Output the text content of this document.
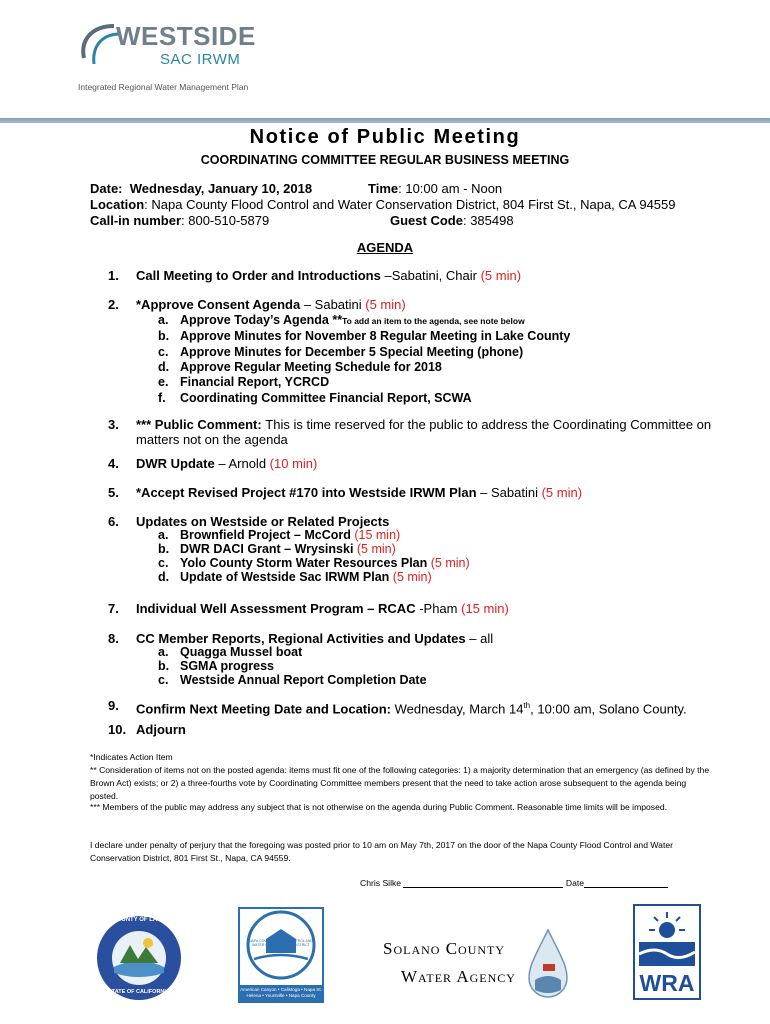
WESTSIDE
SAC IRWM
Integrated Regional Water Management Plan
Notice of Public Meeting
COORDINATING COMMITTEE REGULAR BUSINESS MEETING
Date: Wednesday, January 10, 2018	Time: 10:00 am - Noon
Location: Napa County Flood Control and Water Conservation District, 804 First St., Napa, CA 94559
Call-in number: 800-510-5879	Guest Code: 385498
AGENDA
1. Call Meeting to Order and Introductions –Sabatini, Chair (5 min)
2. *Approve Consent Agenda – Sabatini (5 min)
a. Approve Today’s Agenda **To add an item to the agenda, see note below
b. Approve Minutes for November 8 Regular Meeting in Lake County
c. Approve Minutes for December 5 Special Meeting (phone)
d. Approve Regular Meeting Schedule for 2018
e. Financial Report, YCRCD
f. Coordinating Committee Financial Report, SCWA
3. *** Public Comment: This is time reserved for the public to address the Coordinating Committee on matters not on the agenda
4. DWR Update – Arnold (10 min)
5. *Accept Revised Project #170 into Westside IRWM Plan – Sabatini (5 min)
6. Updates on Westside or Related Projects
a. Brownfield Project – McCord (15 min)
b. DWR DACI Grant – Wrysinski (5 min)
c. Yolo County Storm Water Resources Plan (5 min)
d. Update of Westside Sac IRWM Plan (5 min)
7. Individual Well Assessment Program – RCAC -Pham (15 min)
8. CC Member Reports, Regional Activities and Updates – all
a. Quagga Mussel boat
b. SGMA progress
c. Westside Annual Report Completion Date
9. Confirm Next Meeting Date and Location: Wednesday, March 14th, 10:00 am, Solano County.
10. Adjourn
*Indicates Action Item
** Consideration of items not on the posted agenda: items must fit one of the following categories: 1) a majority determination that an emergency (as defined by the Brown Act) exists; or 2) a three-fourths vote by Coordinating Committee members present that the need to take action arose subsequent to the agenda being posted.
*** Members of the public may address any subject that is not otherwise on the agenda during Public Comment. Reasonable time limits will be imposed.
I declare under penalty of perjury that the foregoing was posted prior to 10 am on May 7th, 2017 on the door of the Napa County Flood Control and Water Conservation District, 801 First St., Napa, CA 94559.
Chris Silke	Date
COUNTY OF LAKE
STATE OF CALIFORNIA
NAPA COUNTY FLOOD CONTROL AND WATER CONSERVATION DISTRICT
American Canyon • Calistoga • Napa St. Helena • Yountville • Napa County
Solano County
Water Agency	WRA
